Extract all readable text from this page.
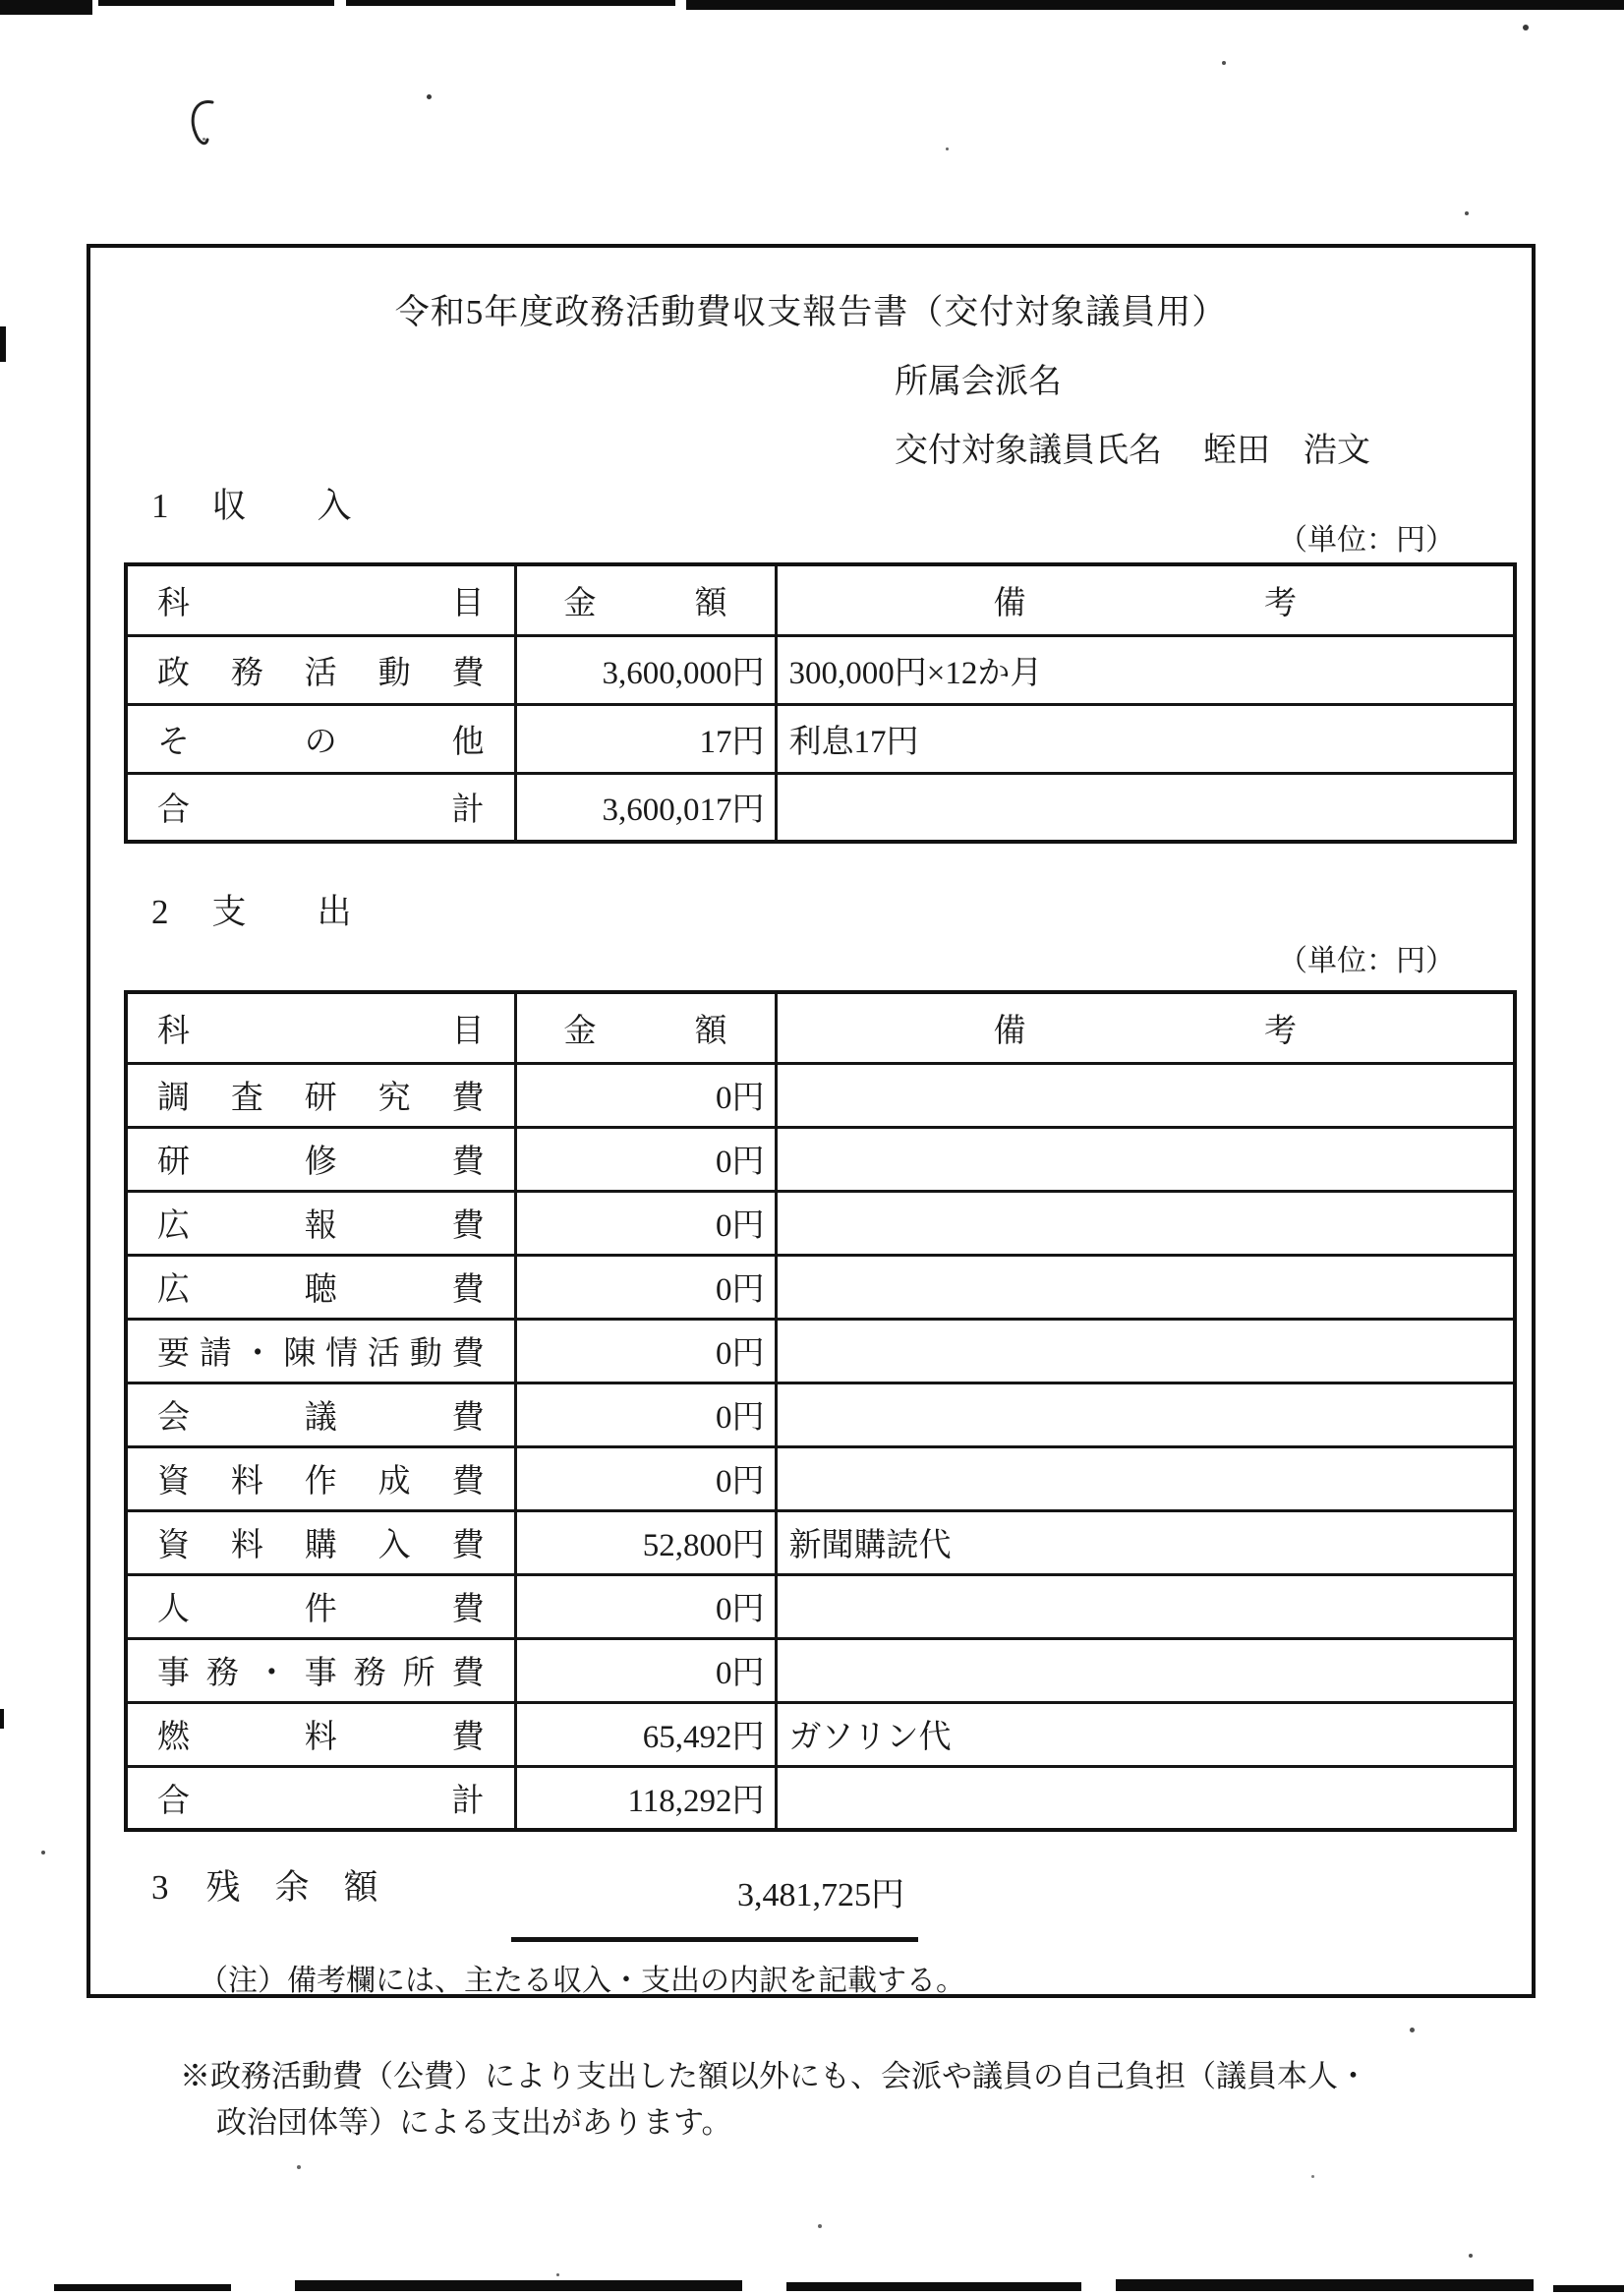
令和5年度政務活動費収支報告書（交付対象議員用）
所属会派名
交付対象議員氏名 蛭田　浩文
1 収入
（単位：円）
科目	金額	備考
政務活動費	3,600,000円	300,000円×12か月
その他	17円	利息17円
合計	3,600,017円	
2 支出
（単位：円）
科目	金額	備考
調査研究費	0円	
研修費	0円	
広報費	0円	
広聴費	0円	
要請・陳情活動費	0円	
会議費	0円	
資料作成費	0円	
資料購入費	52,800円	新聞購読代
人件費	0円	
事務・事務所費	0円	
燃料費	65,492円	ガソリン代
合計	118,292円	
3 残余額	3,481,725円
（注）備考欄には、主たる収入・支出の内訳を記載する。
※政務活動費（公費）により支出した額以外にも、会派や議員の自己負担（議員本人・
政治団体等）による支出があります。
